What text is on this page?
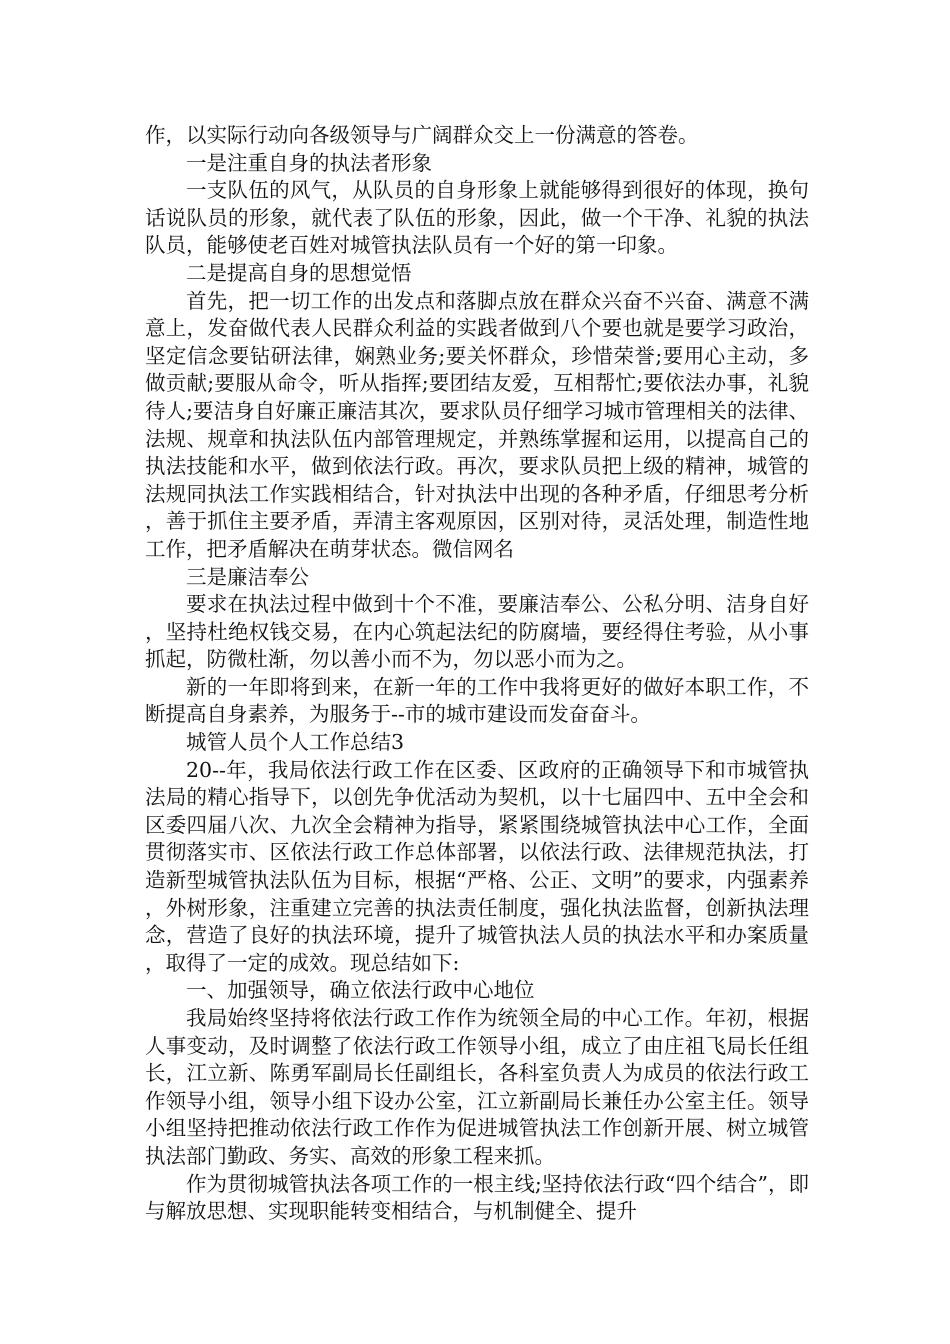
作，以实际行动向各级领导与广阔群众交上一份满意的答卷。

一是注重自身的执法者形象

一支队伍的风气，从队员的自身形象上就能够得到很好的体现，换句话说队员的形象，就代表了队伍的形象，因此，做一个干净、礼貌的执法队员，能够使老百姓对城管执法队员有一个好的第一印象。

二是提高自身的思想觉悟

首先，把一切工作的出发点和落脚点放在群众兴奋不兴奋、满意不满意上，发奋做代表人民群众利益的实践者做到八个要也就是要学习政治，坚定信念要钻研法律，娴熟业务;要关怀群众，珍惜荣誉;要用心主动，多做贡献;要服从命令，听从指挥;要团结友爱，互相帮忙;要依法办事，礼貌待人;要洁身自好廉正廉洁其次，要求队员仔细学习城市管理相关的法律、法规、规章和执法队伍内部管理规定，并熟练掌握和运用，以提高自己的执法技能和水平，做到依法行政。再次，要求队员把上级的精神，城管的法规同执法工作实践相结合，针对执法中出现的各种矛盾，仔细思考分析，善于抓住主要矛盾，弄清主客观原因，区别对待，灵活处理，制造性地工作，把矛盾解决在萌芽状态。微信网名

三是廉洁奉公

要求在执法过程中做到十个不准，要廉洁奉公、公私分明、洁身自好，坚持杜绝权钱交易，在内心筑起法纪的防腐墙，要经得住考验，从小事抓起，防微杜渐，勿以善小而不为，勿以恶小而为之。

新的一年即将到来，在新一年的工作中我将更好的做好本职工作，不断提高自身素养，为服务于--市的城市建设而发奋奋斗。

城管人员个人工作总结3

20--年，我局依法行政工作在区委、区政府的正确领导下和市城管执法局的精心指导下，以创先争优活动为契机，以十七届四中、五中全会和区委四届八次、九次全会精神为指导，紧紧围绕城管执法中心工作，全面贯彻落实市、区依法行政工作总体部署，以依法行政、法律规范执法，打造新型城管执法队伍为目标，根据“严格、公正、文明”的要求，内强素养，外树形象，注重建立完善的执法责任制度，强化执法监督，创新执法理念，营造了良好的执法环境，提升了城管执法人员的执法水平和办案质量，取得了一定的成效。现总结如下:

一、加强领导，确立依法行政中心地位

我局始终坚持将依法行政工作作为统领全局的中心工作。年初，根据人事变动，及时调整了依法行政工作领导小组，成立了由庄祖飞局长任组长，江立新、陈勇军副局长任副组长，各科室负责人为成员的依法行政工作领导小组，领导小组下设办公室，江立新副局长兼任办公室主任。领导小组坚持把推动依法行政工作作为促进城管执法工作创新开展、树立城管执法部门勤政、务实、高效的形象工程来抓。

作为贯彻城管执法各项工作的一根主线;坚持依法行政“四个结合”，即与解放思想、实现职能转变相结合，与机制健全、提升
